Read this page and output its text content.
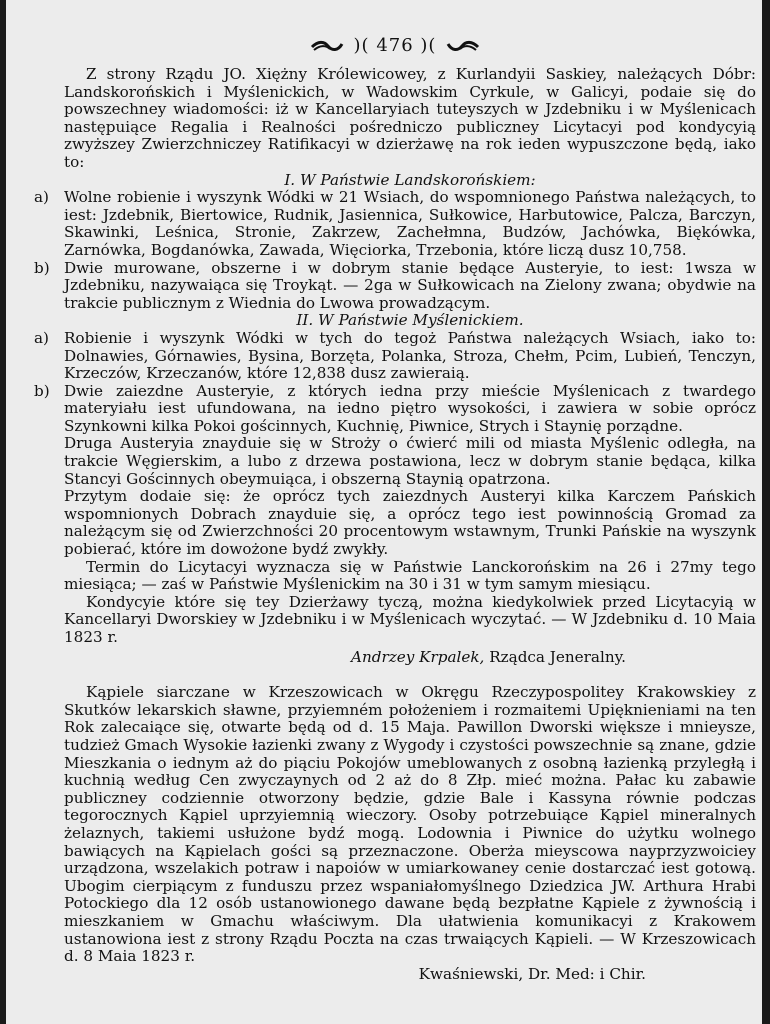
)( 476 )(

Z strony Rządu JO. Xiężny Królewicowey, z Kurlandyii Saskiey, należących Dóbr: Landskorońskich i Myślenickich, w Wadowskim Cyrkule, w Galicyi, podaie się do powszechney wiadomości: iż w Kancellaryiach tuteyszych w Jzdebniku i w Myślenicach następuiące Regalia i Realności pośredniczo publiczney Licytacyi pod kondycyią zwyższey Zwierzchniczey Ratifikacyi w dzierżawę na rok ieden wypuszczone będą, iako to:

I. W Państwie Landskorońskiem:

a) Wolne robienie i wyszynk Wódki w 21 Wsiach, do wspomnionego Państwa należących, to iest: Jzdebnik, Biertowice, Rudnik, Jasiennica, Sułkowice, Harbutowice, Palcza, Barczyn, Skawinki, Leśnica, Stronie, Zakrzew, Zachełmna, Budzów, Jachówka, Biękówka, Zarnówka, Bogdanówka, Zawada, Więciorka, Trzebonia, które liczą dusz 10,758.
b) Dwie murowane, obszerne i w dobrym stanie będące Austeryie, to iest: 1wsza w Jzdebniku, nazywaiąca się Troykąt. — 2ga w Sułkowicach na Zielony zwana; obydwie na trakcie publicznym z Wiednia do Lwowa prowadzącym.

II. W Państwie Myślenickiem.

a) Robienie i wyszynk Wódki w tych do tegoż Państwa należących Wsiach, iako to: Dolnawies, Górnawies, Bysina, Borzęta, Polanka, Stroza, Chełm, Pcim, Lubień, Tenczyn, Krzeczów, Krzeczanów, które 12,838 dusz zawieraią.
b) Dwie zaiezdne Austeryie, z których iedna przy mieście Myślenicach z twardego materyiału iest ufundowana, na iedno piętro wysokości, i zawiera w sobie oprócz Szynkowni kilka Pokoi gościnnych, Kuchnię, Piwnice, Strych i Staynię porządne.

Druga Austeryia znayduie się w Stroży o ćwierć mili od miasta Myślenic odległa, na trakcie Węgierskim, a lubo z drzewa postawiona, lecz w dobrym stanie będąca, kilka Stancyi Gościnnych obeymuiąca, i obszerną Staynią opatrzona.

Przytym dodaie się: że oprócz tych zaiezdnych Austeryi kilka Karczem Pańskich wspomnionych Dobrach znayduie się, a oprócz tego iest powinnością Gromad za należącym się od Zwierzchności 20 procentowym wstawnym, Trunki Pańskie na wyszynk pobierać, które im dowożone bydź zwykły.

Termin do Licytacyi wyznacza się w Państwie Lanckorońskim na 26 i 27my tego miesiąca; — zaś w Państwie Myślenickim na 30 i 31 w tym samym miesiącu.

Kondycyie które się tey Dzierżawy tyczą, można kiedykolwiek przed Licytacyią w Kancellaryi Dworskiey w Jzdebniku i w Myślenicach wyczytać. — W Jzdebniku d. 10 Maia 1823 r.

Andrzey Krpalek, Rządca Jeneralny.

Kąpiele siarczane w Krzeszowicach w Okręgu Rzeczypospolitey Krakowskiey z Skutków lekarskich sławne, przyiemném położeniem i rozmaitemi Upięknieniami na ten Rok zalecaiące się, otwarte będą od d. 15 Maja. Pawillon Dworski większe i mnieysze, tudzież Gmach Wysokie łazienki zwany z Wygody i czystości powszechnie są znane, gdzie Mieszkania o iednym aż do piąciu Pokojów umeblowanych z osobną łazienką przyległą i kuchnią według Cen zwyczaynych od 2 aż do 8 Złp. mieć można. Pałac ku zabawie publiczney codziennie otworzony będzie, gdzie Bale i Kassyna równie podczas tegorocznych Kąpiel uprzyiemnią wieczory. Osoby potrzebuiące Kąpiel mineralnych żelaznych, takiemi usłużone bydź mogą. Lodownia i Piwnice do użytku wolnego bawiących na Kąpielach gości są przeznaczone. Oberża mieyscowa nayprzyzwoiciey urządzona, wszelakich potraw i napoiów w umiarkowaney cenie dostarczać iest gotową. Ubogim cierpiącym z funduszu przez wspaniałomyślnego Dziedzica JW. Arthura Hrabi Potockiego dla 12 osób ustanowionego dawane będą bezpłatne Kąpiele z żywnością i mieszkaniem w Gmachu właściwym. Dla ułatwienia komunikacyi z Krakowem ustanowiona iest z strony Rządu Poczta na czas trwaiących Kąpieli. — W Krzeszowicach d. 8 Maia 1823 r.

Kwaśniewski, Dr. Med: i Chir.
